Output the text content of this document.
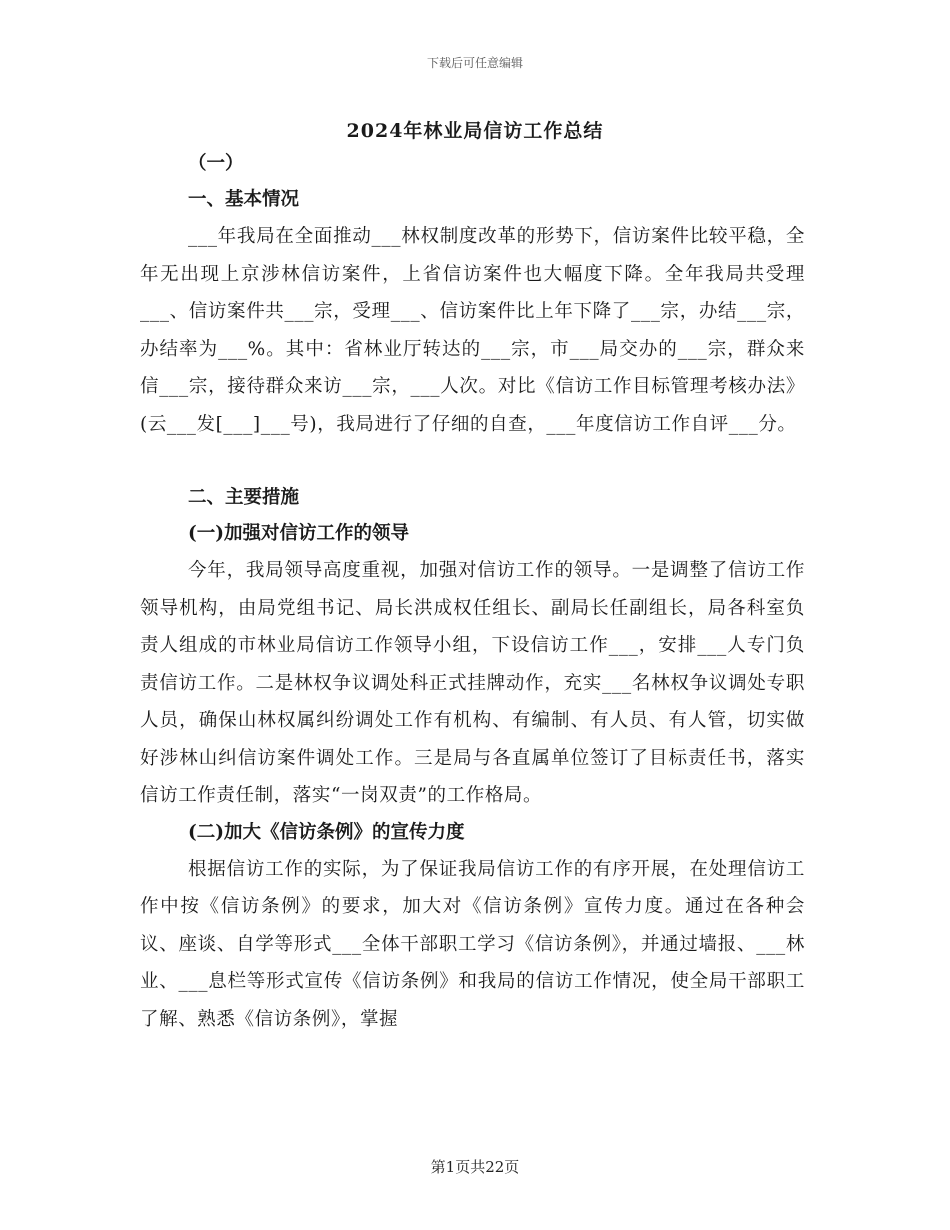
下载后可任意编辑
2024年林业局信访工作总结

（一）

一、基本情况

___年我局在全面推动___林权制度改革的形势下，信访案件比较平稳，全年无出现上京涉林信访案件，上省信访案件也大幅度下降。全年我局共受理___、信访案件共___宗，受理___、信访案件比上年下降了___宗，办结___宗，办结率为___%。其中：省林业厅转达的___宗，市___局交办的___宗，群众来信___宗，接待群众来访___宗，___人次。对比《信访工作目标管理考核办法》(云___发[___]___号)，我局进行了仔细的自查，___年度信访工作自评___分。

二、主要措施

(一)加强对信访工作的领导

今年，我局领导高度重视，加强对信访工作的领导。一是调整了信访工作领导机构，由局党组书记、局长洪成权任组长、副局长任副组长，局各科室负责人组成的市林业局信访工作领导小组，下设信访工作___，安排___人专门负责信访工作。二是林权争议调处科正式挂牌动作，充实___名林权争议调处专职人员，确保山林权属纠纷调处工作有机构、有编制、有人员、有人管，切实做好涉林山纠信访案件调处工作。三是局与各直属单位签订了目标责任书，落实信访工作责任制，落实“一岗双责”的工作格局。

(二)加大《信访条例》的宣传力度

根据信访工作的实际，为了保证我局信访工作的有序开展，在处理信访工作中按《信访条例》的要求，加大对《信访条例》宣传力度。通过在各种会议、座谈、自学等形式___全体干部职工学习《信访条例》，并通过墙报、___林业、___息栏等形式宣传《信访条例》和我局的信访工作情况，使全局干部职工了解、熟悉《信访条例》，掌握

第1页共22页
